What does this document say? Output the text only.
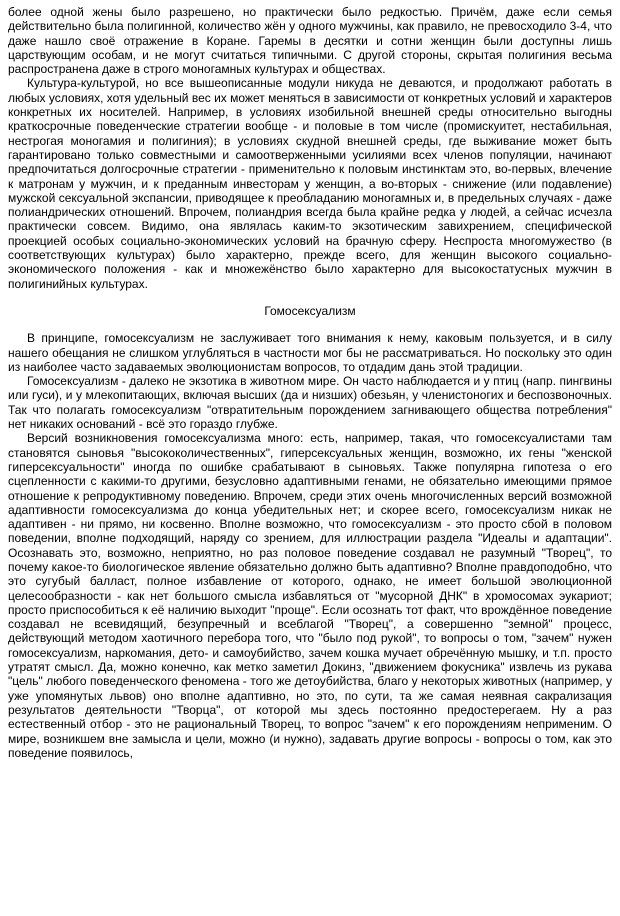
более одной жены было разрешено, но практически было редкостью. Причём, даже если семья действительно была полигинной, количество жён у одного мужчины, как правило, не превосходило 3-4, что даже нашло своё отражение в Коране. Гаремы в десятки и сотни женщин были доступны лишь царствующим особам, и не могут считаться типичными. С другой стороны, скрытая полигиния весьма распространена даже в строго моногамных культурах и обществах.

Культура-культурой, но все вышеописанные модули никуда не деваются, и продолжают работать в любых условиях, хотя удельный вес их может меняться в зависимости от конкретных условий и характеров конкретных их носителей. Например, в условиях изобильной внешней среды относительно выгодны краткосрочные поведенческие стратегии вообще - и половые в том числе (промискуитет, нестабильная, нестрогая моногамия и полигиния); в условиях скудной внешней среды, где выживание может быть гарантировано только совместными и самоотверженными усилиями всех членов популяции, начинают предпочитаться долгосрочные стратегии - применительно к половым инстинктам это, во-первых, влечение к матронам у мужчин, и к преданным инвесторам у женщин, а во-вторых - снижение (или подавление) мужской сексуальной экспансии, приводящее к преобладанию моногамных и, в предельных случаях - даже полиандрических отношений. Впрочем, полиандрия всегда была крайне редка у людей, а сейчас исчезла практически совсем. Видимо, она являлась каким-то экзотическим завихрением, специфической проекцией особых социально-экономических условий на брачную сферу. Неспроста многомужество (в соответствующих культурах) было характерно, прежде всего, для женщин высокого социально-экономического положения - как и множежёнство было характерно для высокостатусных мужчин в полигинийных культурах.

Гомосексуализм

В принципе, гомосексуализм не заслуживает того внимания к нему, каковым пользуется, и в силу нашего обещания не слишком углубляться в частности мог бы не рассматриваться. Но поскольку это один из наиболее часто задаваемых эволюционистам вопросов, то отдадим дань этой традиции.

Гомосексуализм - далеко не экзотика в животном мире. Он часто наблюдается и у птиц (напр. пингвины или гуси), и у млекопитающих, включая высших (да и низших) обезьян, у членистоногих и беспозвоночных. Так что полагать гомосексуализм "отвратительным порождением загнивающего общества потребления" нет никаких оснований - всё это гораздо глубже.

Версий возникновения гомосексуализма много: есть, например, такая, что гомосексуалистами там становятся сыновья "высококоличественных", гиперсексуальных женщин, возможно, их гены "женской гиперсексуальности" иногда по ошибке срабатывают в сыновьях. Также популярна гипотеза о его сцепленности с какими-то другими, безусловно адаптивными генами, не обязательно имеющими прямое отношение к репродуктивному поведению. Впрочем, среди этих очень многочисленных версий возможной адаптивности гомосексуализма до конца убедительных нет; и скорее всего, гомосексуализм никак не адаптивен - ни прямо, ни косвенно. Вполне возможно, что гомосексуализм - это просто сбой в половом поведении, вполне подходящий, наряду со зрением, для иллюстрации раздела "Идеалы и адаптации". Осознавать это, возможно, неприятно, но раз половое поведение создавал не разумный "Творец", то почему какое-то биологическое явление обязательно должно быть адаптивно? Вполне правдоподобно, что это сугубый балласт, полное избавление от которого, однако, не имеет большой эволюционной целесообразности - как нет большого смысла избавляться от "мусорной ДНК" в хромосомах эукариот; просто приспособиться к её наличию выходит "проще". Если осознать тот факт, что врождённое поведение создавал не всевидящий, безупречный и всеблагой "Творец", а совершенно "земной" процесс, действующий методом хаотичного перебора того, что "было под рукой", то вопросы о том, "зачем" нужен гомосексуализм, наркомания, дето- и самоубийство, зачем кошка мучает обречённую мышку, и т.п. просто утратят смысл. Да, можно конечно, как метко заметил Докинз, "движением фокусника" извлечь из рукава "цель" любого поведенческого феномена - того же детоубийства, благо у некоторых животных (например, у уже упомянутых львов) оно вполне адаптивно, но это, по сути, та же самая неявная сакрализация результатов деятельности "Творца", от которой мы здесь постоянно предостерегаем. Ну а раз естественный отбор - это не рациональный Творец, то вопрос "зачем" к его порождениям неприменим. О мире, возникшем вне замысла и цели, можно (и нужно), задавать другие вопросы - вопросы о том, как это поведение появилось,
